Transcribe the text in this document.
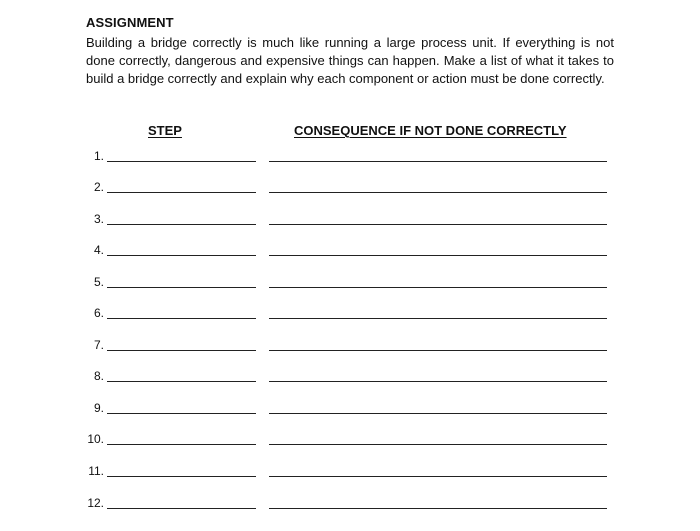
ASSIGNMENT
Building a bridge correctly is much like running a large process unit. If everything is not done correctly, dangerous and expensive things can happen. Make a list of what it takes to build a bridge correctly and explain why each component or action must be done correctly.
STEP	CONSEQUENCE IF NOT DONE CORRECTLY
1.
2.
3.
4.
5.
6.
7.
8.
9.
10.
11.
12.
